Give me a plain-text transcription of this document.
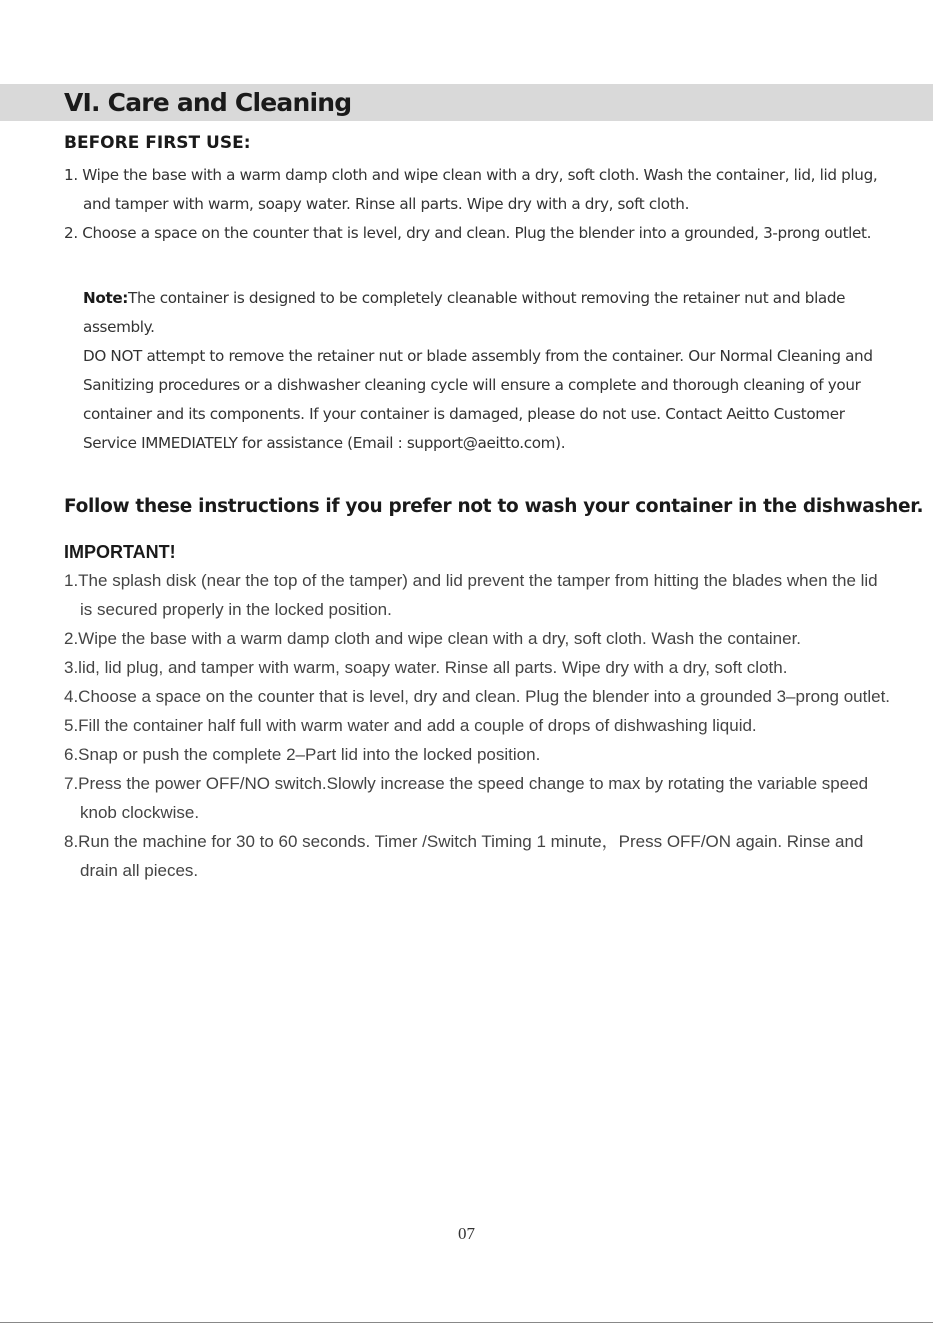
VI. Care and Cleaning
BEFORE FIRST USE:
1. Wipe the base with a warm damp cloth and wipe clean with a dry, soft cloth. Wash the container, lid, lid plug, and tamper with warm, soapy water. Rinse all parts. Wipe dry with a dry, soft cloth.
2. Choose a space on the counter that is level, dry and clean. Plug the blender into a grounded, 3-prong outlet.
Note:The container is designed to be completely cleanable without removing the retainer nut and blade assembly.
DO NOT attempt to remove the retainer nut or blade assembly from the container. Our Normal Cleaning and Sanitizing procedures or a dishwasher cleaning cycle will ensure a complete and thorough cleaning of your container and its components. If your container is damaged, please do not use. Contact Aeitto Customer Service IMMEDIATELY for assistance (Email : support@aeitto.com).
Follow these instructions if you prefer not to wash your container in the dishwasher.
IMPORTANT!
1.The splash disk (near the top of the tamper) and lid prevent the tamper from hitting the blades when the lid is secured properly in the locked position.
2.Wipe the base with a warm damp cloth and wipe clean with a dry, soft cloth. Wash the container.
3.lid, lid plug, and tamper with warm, soapy water. Rinse all parts. Wipe dry with a dry, soft cloth.
4.Choose a space on the counter that is level, dry and clean. Plug the blender into a grounded 3–prong outlet.
5.Fill the container half full with warm water and add a couple of drops of dishwashing liquid.
6.Snap or push the complete 2–Part lid into the locked position.
7.Press the power OFF/NO switch.Slowly increase the speed change to max by rotating the variable speed knob clockwise.
8.Run the machine for 30 to 60 seconds. Timer /Switch Timing 1 minute，Press OFF/ON again. Rinse and drain all pieces.
07
